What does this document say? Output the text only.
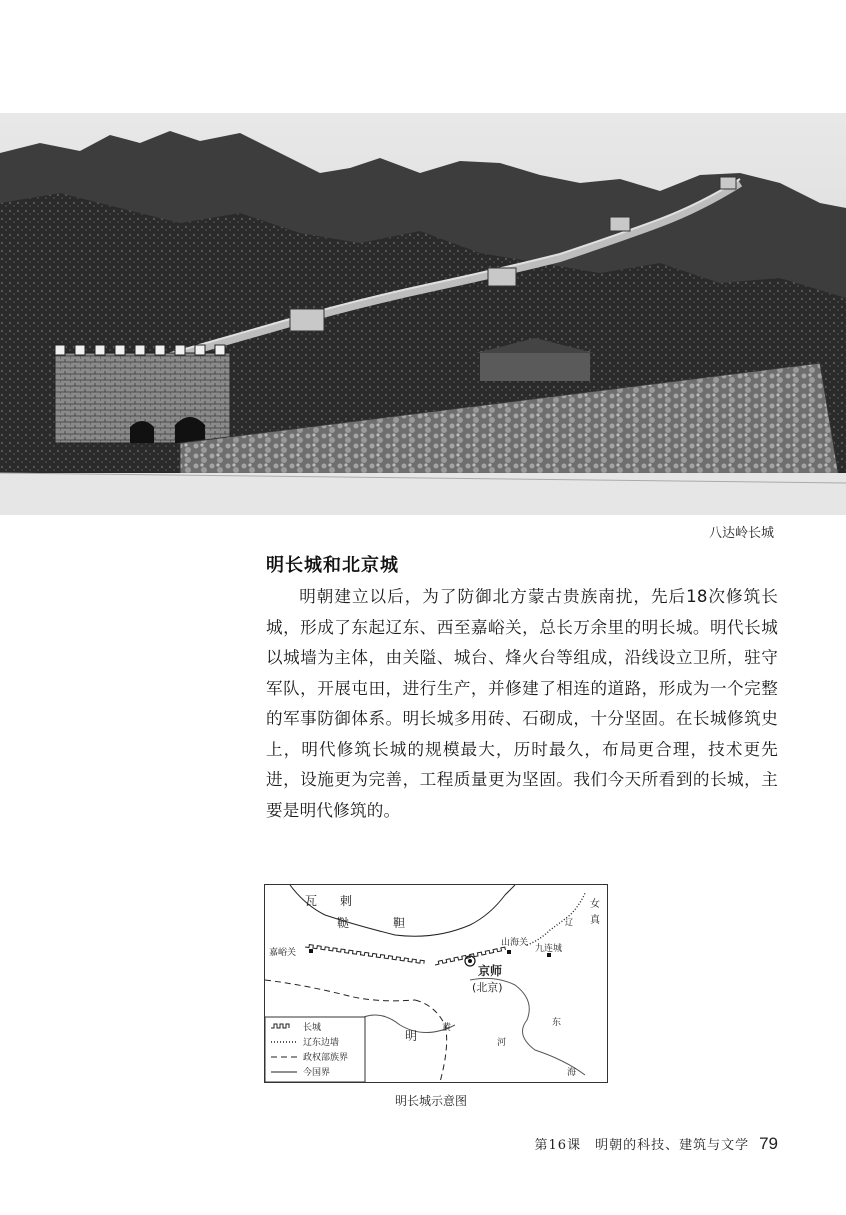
八达岭长城
明长城和北京城

明朝建立以后，为了防御北方蒙古贵族南扰，先后18次修筑长城，形成了东起辽东、西至嘉峪关，总长万余里的明长城。明代长城以城墙为主体，由关隘、城台、烽火台等组成，沿线设立卫所，驻守军队，开展屯田，进行生产，并修建了相连的道路，形成为一个完整的军事防御体系。明长城多用砖、石砌成，十分坚固。在长城修筑史上，明代修筑长城的规模最大，历时最久，布局更合理，技术更先进，设施更为完善，工程质量更为坚固。我们今天所看到的长城，主要是明代修筑的。

瓦 剌
鞑	靼
女
真
嘉峪关
山海关
九连城
京师
(北京)
明
黄
河
东
海
辽
长城
辽东边墙
政权部族界
今国界
明长城示意图
第16课　明朝的科技、建筑与文学 79
